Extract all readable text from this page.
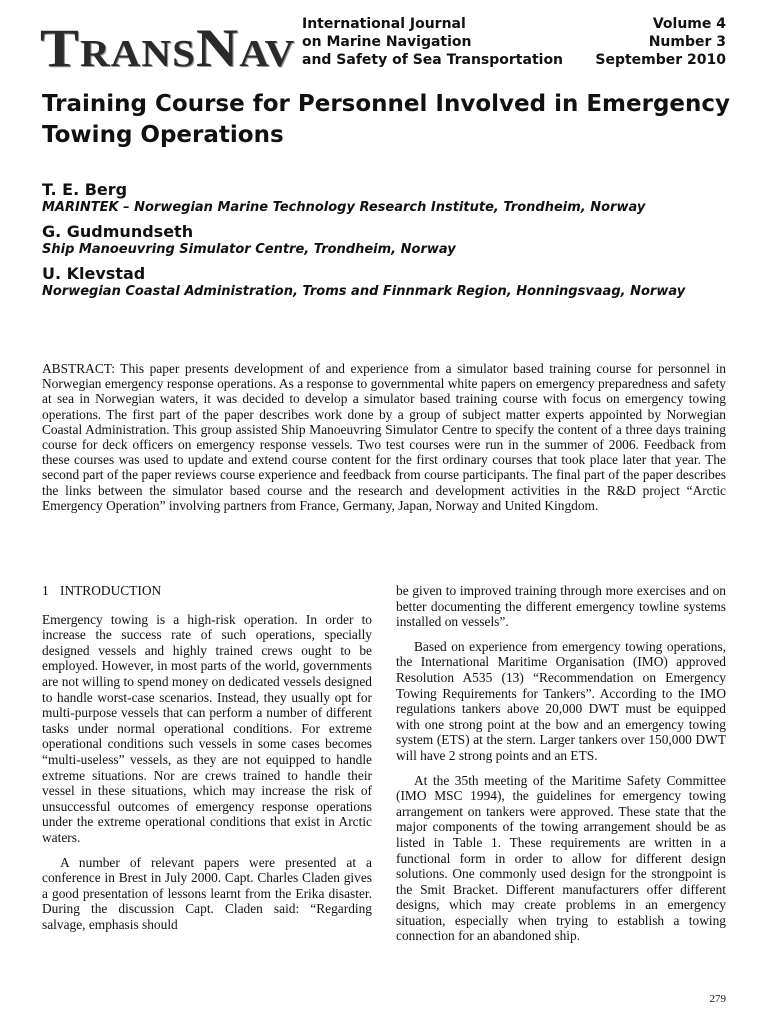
TRANSNAV
International Journal
on Marine Navigation
and Safety of Sea Transportation
Volume 4
Number 3
September 2010
Training Course for Personnel Involved in Emergency Towing Operations

T. E. Berg

MARINTEK – Norwegian Marine Technology Research Institute, Trondheim, Norway

G. Gudmundseth

Ship Manoeuvring Simulator Centre, Trondheim, Norway

U. Klevstad

Norwegian Coastal Administration, Troms and Finnmark Region, Honningsvaag, Norway

ABSTRACT: This paper presents development of and experience from a simulator based training course for personnel in Norwegian emergency response operations. As a response to governmental white papers on emergency preparedness and safety at sea in Norwegian waters, it was decided to develop a simulator based training course with focus on emergency towing operations. The first part of the paper describes work done by a group of subject matter experts appointed by Norwegian Coastal Administration. This group assisted Ship Manoeuvring Simulator Centre to specify the content of a three days training course for deck officers on emergency response vessels. Two test courses were run in the summer of 2006. Feedback from these courses was used to update and extend course content for the first ordinary courses that took place later that year. The second part of the paper reviews course experience and feedback from course participants. The final part of the paper describes the links between the simulator based course and the research and development activities in the R&D project “Arctic Emergency Operation” involving partners from France, Germany, Japan, Norway and United Kingdom.

1 INTRODUCTION

Emergency towing is a high-risk operation. In order to increase the success rate of such operations, specially designed vessels and highly trained crews ought to be employed. However, in most parts of the world, governments are not willing to spend money on dedicated vessels designed to handle worst-case scenarios. Instead, they usually opt for multi-purpose vessels that can perform a number of different tasks under normal operational conditions. For extreme operational conditions such vessels in some cases becomes “multi-useless” vessels, as they are not equipped to handle extreme situations. Nor are crews trained to handle their vessel in these situations, which may increase the risk of unsuccessful outcomes of emergency response operations under the extreme operational conditions that exist in Arctic waters.

A number of relevant papers were presented at a conference in Brest in July 2000. Capt. Charles Claden gives a good presentation of lessons learnt from the Erika disaster. During the discussion Capt. Claden said: “Regarding salvage, emphasis should

be given to improved training through more exercises and on better documenting the different emergency towline systems installed on vessels”.

Based on experience from emergency towing operations, the International Maritime Organisation (IMO) approved Resolution A535 (13) “Recommendation on Emergency Towing Requirements for Tankers”. According to the IMO regulations tankers above 20,000 DWT must be equipped with one strong point at the bow and an emergency towing system (ETS) at the stern. Larger tankers over 150,000 DWT will have 2 strong points and an ETS.

At the 35th meeting of the Maritime Safety Committee (IMO MSC 1994), the guidelines for emergency towing arrangement on tankers were approved. These state that the major components of the towing arrangement should be as listed in Table 1. These requirements are written in a functional form in order to allow for different design solutions. One commonly used design for the strongpoint is the Smit Bracket. Different manufacturers offer different designs, which may create problems in an emergency situation, especially when trying to establish a towing connection for an abandoned ship.

279
